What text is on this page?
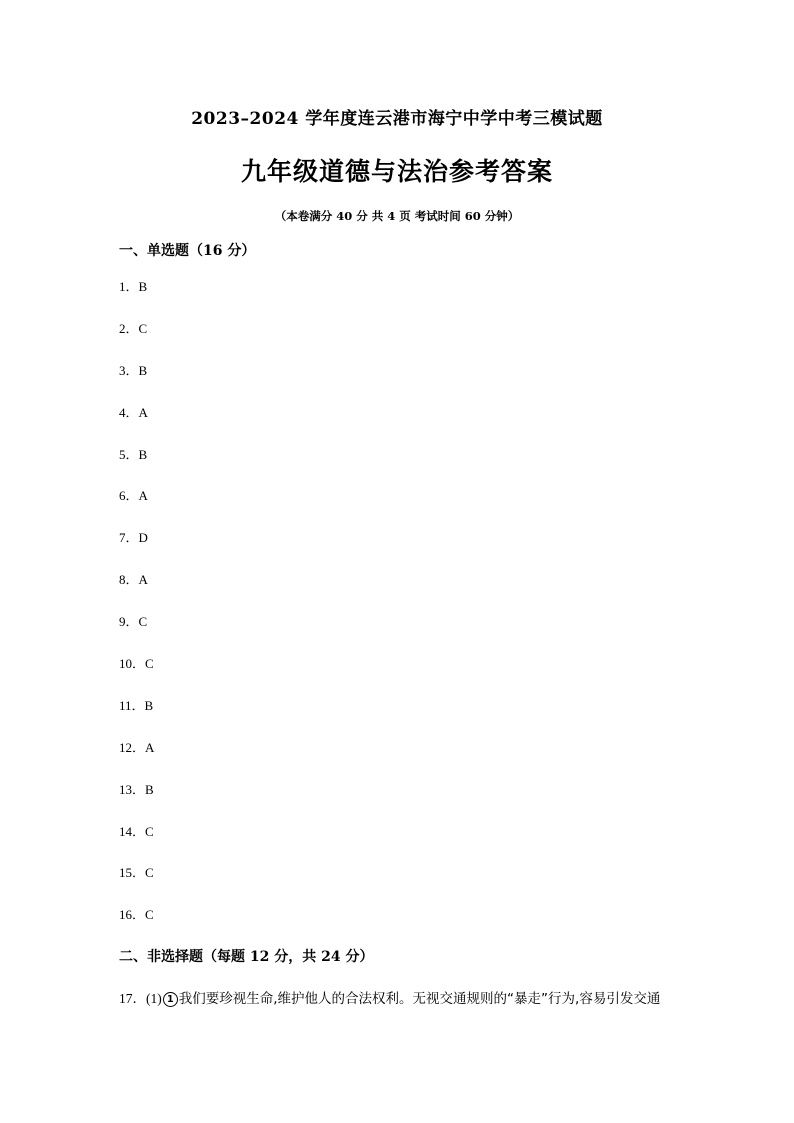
2023–2024 学年度连云港市海宁中学中考三模试题
九年级道德与法治参考答案
（本卷满分 40 分 共 4 页 考试时间 60 分钟）
一、单选题（16 分）
1．B
2．C
3．B
4．A
5．B
6．A
7．D
8．A
9．C
10．C
11．B
12．A
13．B
14．C
15．C
16．C
二、非选择题（每题 12 分，共 24 分）
17．(1) 1 我们要珍视生命,维护他人的合法权利。无视交通规则的“暴走”行为,容易引发交通
